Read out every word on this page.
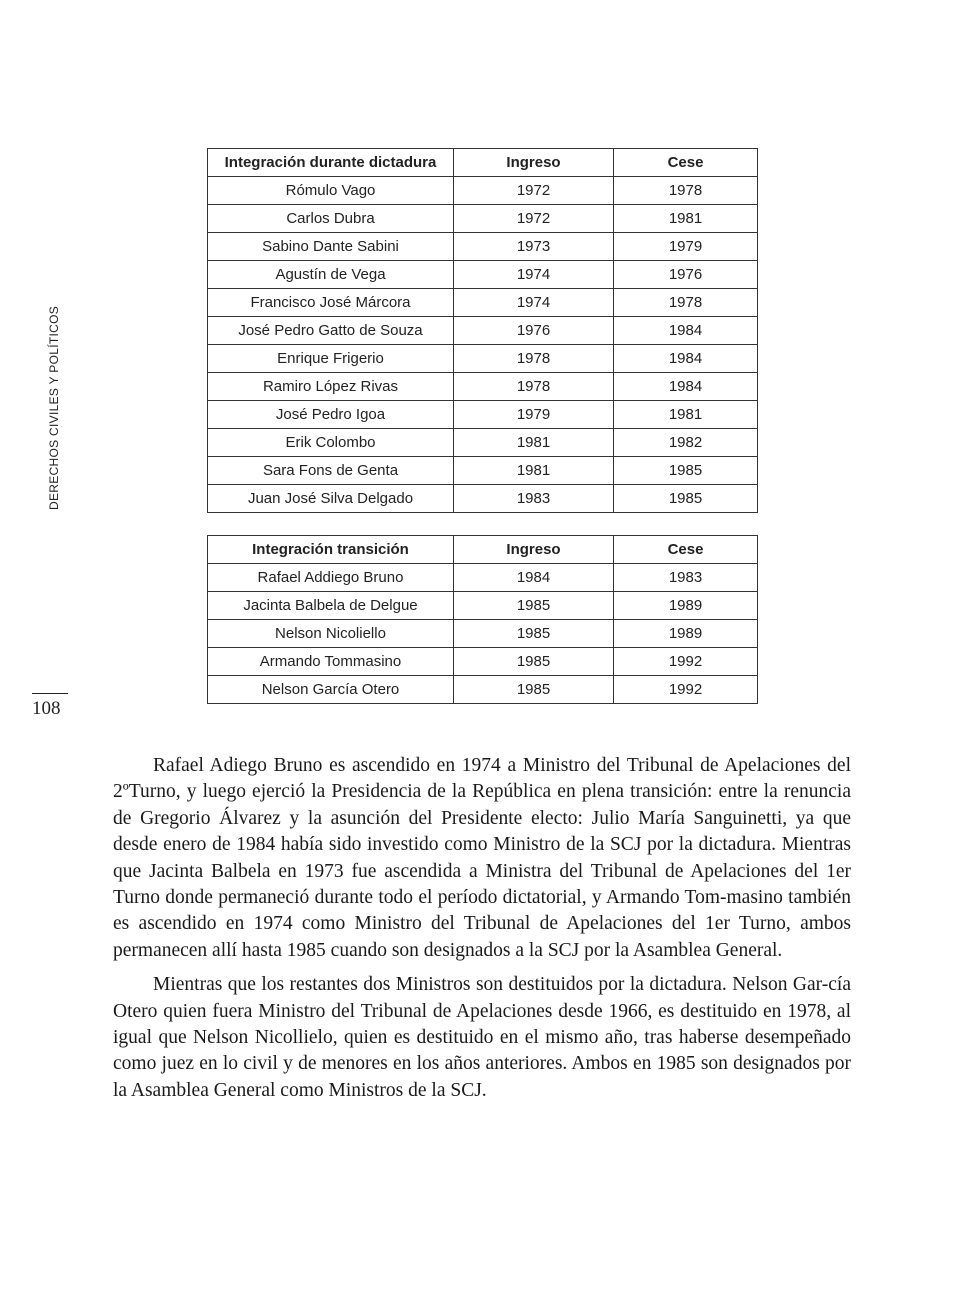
DERECHOS CIVILES Y POLÍTICOS
108
Integración durante dictadura	Ingreso	Cese
Rómulo Vago	1972	1978
Carlos Dubra	1972	1981
Sabino Dante Sabini	1973	1979
Agustín de Vega	1974	1976
Francisco José Márcora	1974	1978
José Pedro Gatto de Souza	1976	1984
Enrique Frigerio	1978	1984
Ramiro López Rivas	1978	1984
José Pedro Igoa	1979	1981
Erik Colombo	1981	1982
Sara Fons de Genta	1981	1985
Juan José Silva Delgado	1983	1985
Integración transición	Ingreso	Cese
Rafael Addiego Bruno	1984	1983
Jacinta Balbela de Delgue	1985	1989
Nelson Nicoliello	1985	1989
Armando Tommasino	1985	1992
Nelson García Otero	1985	1992

Rafael Adiego Bruno es ascendido en 1974 a Ministro del Tribunal de Apelaciones del 2ºTurno, y luego ejerció la Presidencia de la República en plena transición: entre la renuncia de Gregorio Álvarez y la asunción del Presidente electo: Julio María Sanguinetti, ya que desde enero de 1984 había sido investido como Ministro de la SCJ por la dictadura. Mientras que Jacinta Balbela en 1973 fue ascendida a Ministra del Tribunal de Apelaciones del 1er Turno donde permaneció durante todo el período dictatorial, y Armando Tom-masino también es ascendido en 1974 como Ministro del Tribunal de Apelaciones del 1er Turno, ambos permanecen allí hasta 1985 cuando son designados a la SCJ por la Asamblea General.

Mientras que los restantes dos Ministros son destituidos por la dictadura. Nelson Gar-cía Otero quien fuera Ministro del Tribunal de Apelaciones desde 1966, es destituido en 1978, al igual que Nelson Nicollielo, quien es destituido en el mismo año, tras haberse desempeñado como juez en lo civil y de menores en los años anteriores. Ambos en 1985 son designados por la Asamblea General como Ministros de la SCJ.
